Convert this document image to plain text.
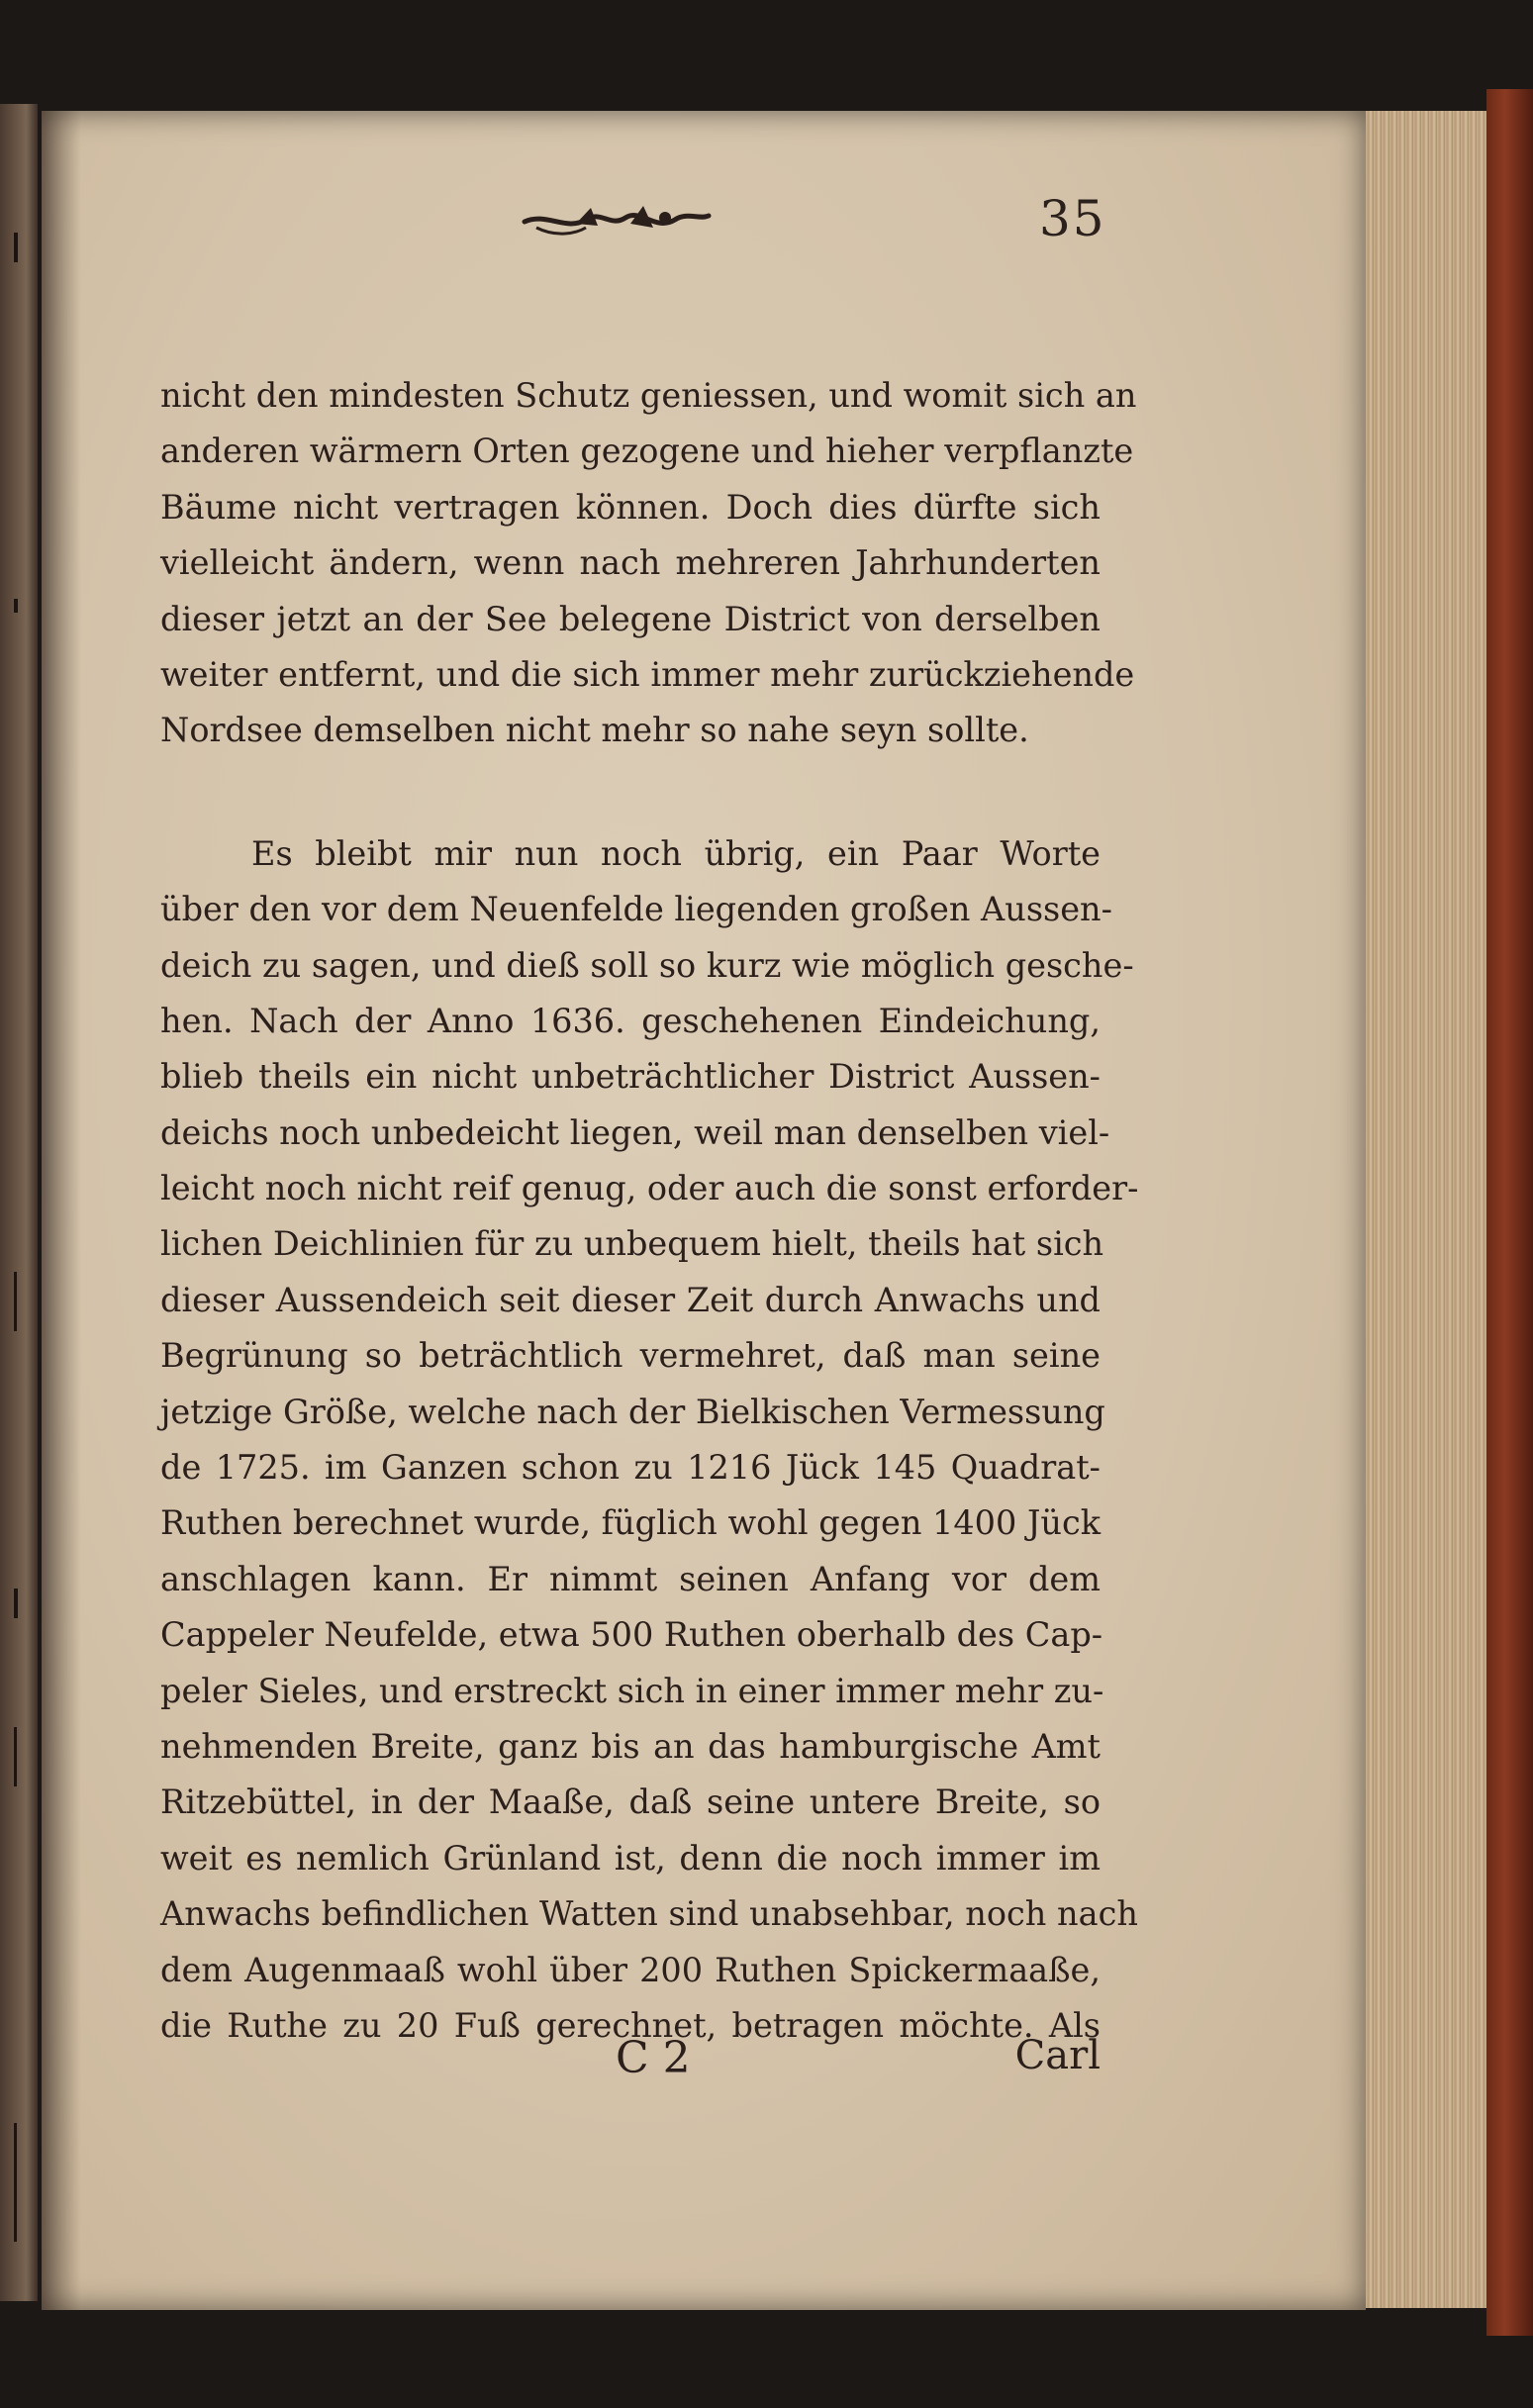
35
nicht den mindesten Schutz geniessen, und womit sich an
anderen wärmern Orten gezogene und hieher verpflanzte
Bäume nicht vertragen können. Doch dies dürfte sich
vielleicht ändern, wenn nach mehreren Jahrhunderten
dieser jetzt an der See belegene District von derselben
weiter entfernt, und die sich immer mehr zurückziehende
Nordsee demselben nicht mehr so nahe seyn sollte.
Es bleibt mir nun noch übrig, ein Paar Worte
über den vor dem Neuenfelde liegenden großen Aussen-
deich zu sagen, und dieß soll so kurz wie möglich gesche-
hen. Nach der Anno 1636. geschehenen Eindeichung,
blieb theils ein nicht unbeträchtlicher District Aussen-
deichs noch unbedeicht liegen, weil man denselben viel-
leicht noch nicht reif genug, oder auch die sonst erforder-
lichen Deichlinien für zu unbequem hielt, theils hat sich
dieser Aussendeich seit dieser Zeit durch Anwachs und
Begrünung so beträchtlich vermehret, daß man seine
jetzige Größe, welche nach der Bielkischen Vermessung
de 1725. im Ganzen schon zu 1216 Jück 145 Quadrat-
Ruthen berechnet wurde, füglich wohl gegen 1400 Jück
anschlagen kann. Er nimmt seinen Anfang vor dem
Cappeler Neufelde, etwa 500 Ruthen oberhalb des Cap-
peler Sieles, und erstreckt sich in einer immer mehr zu-
nehmenden Breite, ganz bis an das hamburgische Amt
Ritzebüttel, in der Maaße, daß seine untere Breite, so
weit es nemlich Grünland ist, denn die noch immer im
Anwachs befindlichen Watten sind unabsehbar, noch nach
dem Augenmaaß wohl über 200 Ruthen Spickermaaße,
die Ruthe zu 20 Fuß gerechnet, betragen möchte. Als
C 2	Carl
